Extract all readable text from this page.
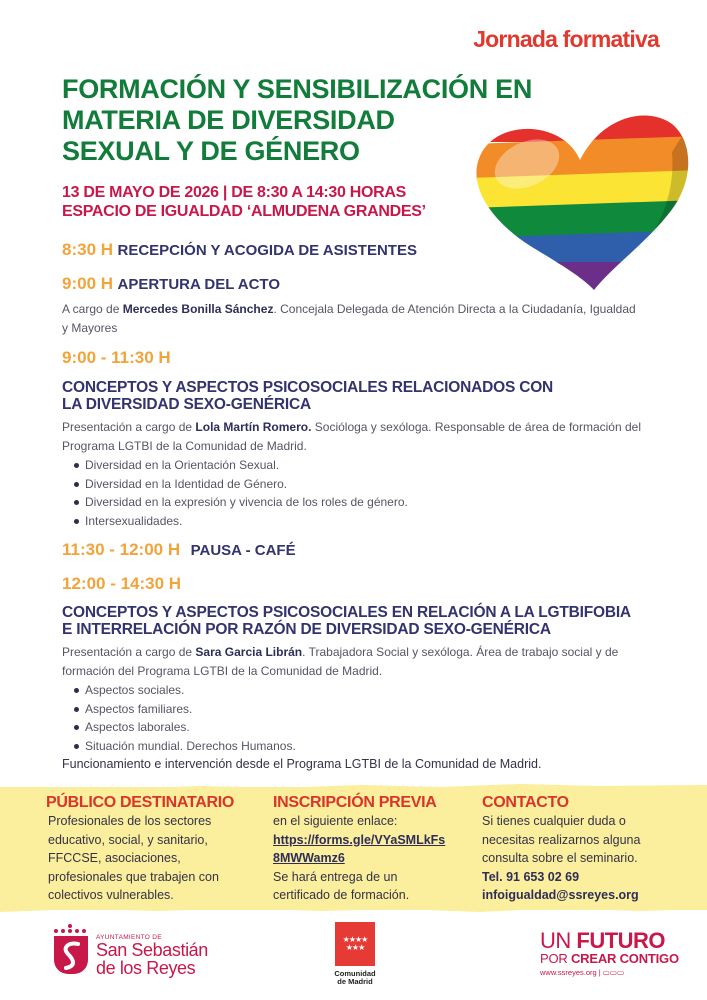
Jornada formativa
FORMACIÓN Y SENSIBILIZACIÓN EN
MATERIA DE DIVERSIDAD
SEXUAL Y DE GÉNERO
13 DE MAYO DE 2026 | DE 8:30 A 14:30 HORAS
ESPACIO DE IGUALDAD ‘ALMUDENA GRANDES’
8:30 H RECEPCIÓN Y ACOGIDA DE ASISTENTES
9:00 H APERTURA DEL ACTO
A cargo de Mercedes Bonilla Sánchez. Concejala Delegada de Atención Directa a la Ciudadanía, Igualdad y Mayores
9:00 - 11:30 H
CONCEPTOS Y ASPECTOS PSICOSOCIALES RELACIONADOS CON
LA DIVERSIDAD SEXO-GENÉRICA
Presentación a cargo de Lola Martín Romero. Socióloga y sexóloga. Responsable de área de formación del Programa LGTBI de la Comunidad de Madrid.
Diversidad en la Orientación Sexual.
Diversidad en la Identidad de Género.
Diversidad en la expresión y vivencia de los roles de género.
Intersexualidades.
11:30 - 12:00 H PAUSA - CAFÉ
12:00 - 14:30 H
CONCEPTOS Y ASPECTOS PSICOSOCIALES EN RELACIÓN A LA LGTBIFOBIA
E INTERRELACIÓN POR RAZÓN DE DIVERSIDAD SEXO-GENÉRICA
Presentación a cargo de Sara Garcia Librán. Trabajadora Social y sexóloga. Área de trabajo social y de formación del Programa LGTBI de la Comunidad de Madrid.
Aspectos sociales.
Aspectos familiares.
Aspectos laborales.
Situación mundial. Derechos Humanos.
Funcionamiento e intervención desde el Programa LGTBI de la Comunidad de Madrid.
PÚBLICO DESTINATARIO

Profesionales de los sectores
educativo, social, y sanitario,
FFCCSE, asociaciones,
profesionales que trabajen con
colectivos vulnerables.

INSCRIPCIÓN PREVIA

en el siguiente enlace:
https://forms.gle/VYaSMLkFs
8MWWamz6
Se hará entrega de un
certificado de formación.

CONTACTO

Si tienes cualquier duda o
necesitas realizarnos alguna
consulta sobre el seminario.
Tel. 91 653 02 69
infoigualdad@ssreyes.org

AYUNTAMIENTO DE
San Sebastián
de los Reyes
★★★★
★★★
Comunidad
de Madrid
UN FUTURO
POR CREAR CONTIGO
www.ssreyes.org | ▭▭▭
